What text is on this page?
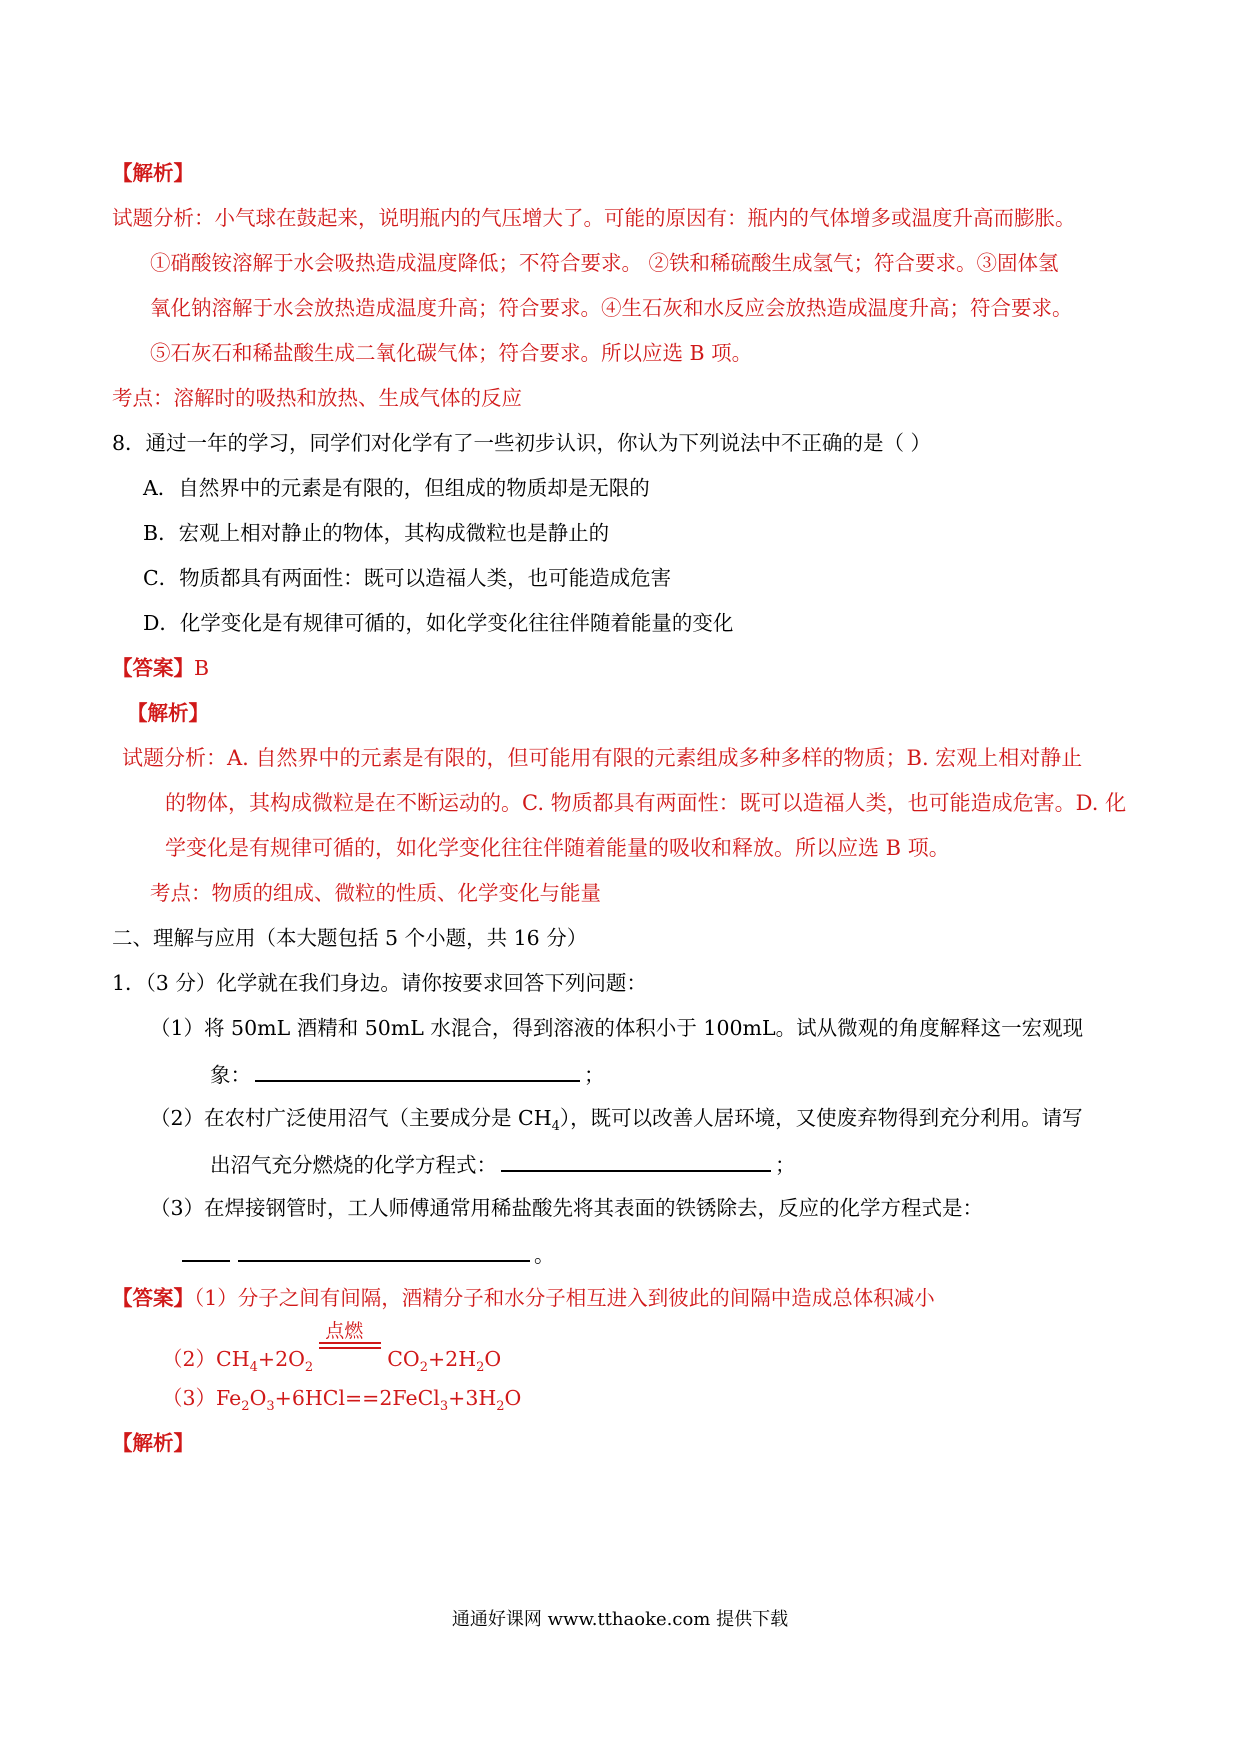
【解析】
试题分析：小气球在鼓起来，说明瓶内的气压增大了。可能的原因有：瓶内的气体增多或温度升高而膨胀。
①硝酸铵溶解于水会吸热造成温度降低；不符合要求。 ②铁和稀硫酸生成氢气；符合要求。③固体氢
氧化钠溶解于水会放热造成温度升高；符合要求。④生石灰和水反应会放热造成温度升高；符合要求。
⑤石灰石和稀盐酸生成二氧化碳气体；符合要求。所以应选 B 项。
考点：溶解时的吸热和放热、生成气体的反应
8．通过一年的学习，同学们对化学有了一些初步认识，你认为下列说法中不正确的是（ ）
A．自然界中的元素是有限的，但组成的物质却是无限的
B．宏观上相对静止的物体，其构成微粒也是静止的
C．物质都具有两面性：既可以造福人类，也可能造成危害
D．化学变化是有规律可循的，如化学变化往往伴随着能量的变化
【答案】B
【解析】
试题分析：A. 自然界中的元素是有限的，但可能用有限的元素组成多种多样的物质；B. 宏观上相对静止
的物体，其构成微粒是在不断运动的。C. 物质都具有两面性：既可以造福人类，也可能造成危害。D. 化
学变化是有规律可循的，如化学变化往往伴随着能量的吸收和释放。所以应选 B 项。
考点：物质的组成、微粒的性质、化学变化与能量
二、理解与应用（本大题包括 5 个小题，共 16 分）
1．（3 分）化学就在我们身边。请你按要求回答下列问题：
（1）将 50mL 酒精和 50mL 水混合，得到溶液的体积小于 100mL。试从微观的角度解释这一宏观现
象：	；
（2）在农村广泛使用沼气（主要成分是 $CH_4$），既可以改善人居环境，又使废弃物得到充分利用。请写
出沼气充分燃烧的化学方程式：	；
（3）在焊接钢管时，工人师傅通常用稀盐酸先将其表面的铁锈除去，反应的化学方程式是：
。
【答案】（1）分子之间有间隔，酒精分子和水分子相互进入到彼此的间隔中造成总体积减小
$(2)CH_4+2O_2$
点燃
$CO_2+2H_2O$
$(3)Fe_2O_3+6HCl==2FeCl_3+3H_2O$
【解析】
通通好课网 www.tthaoke.com 提供下载
